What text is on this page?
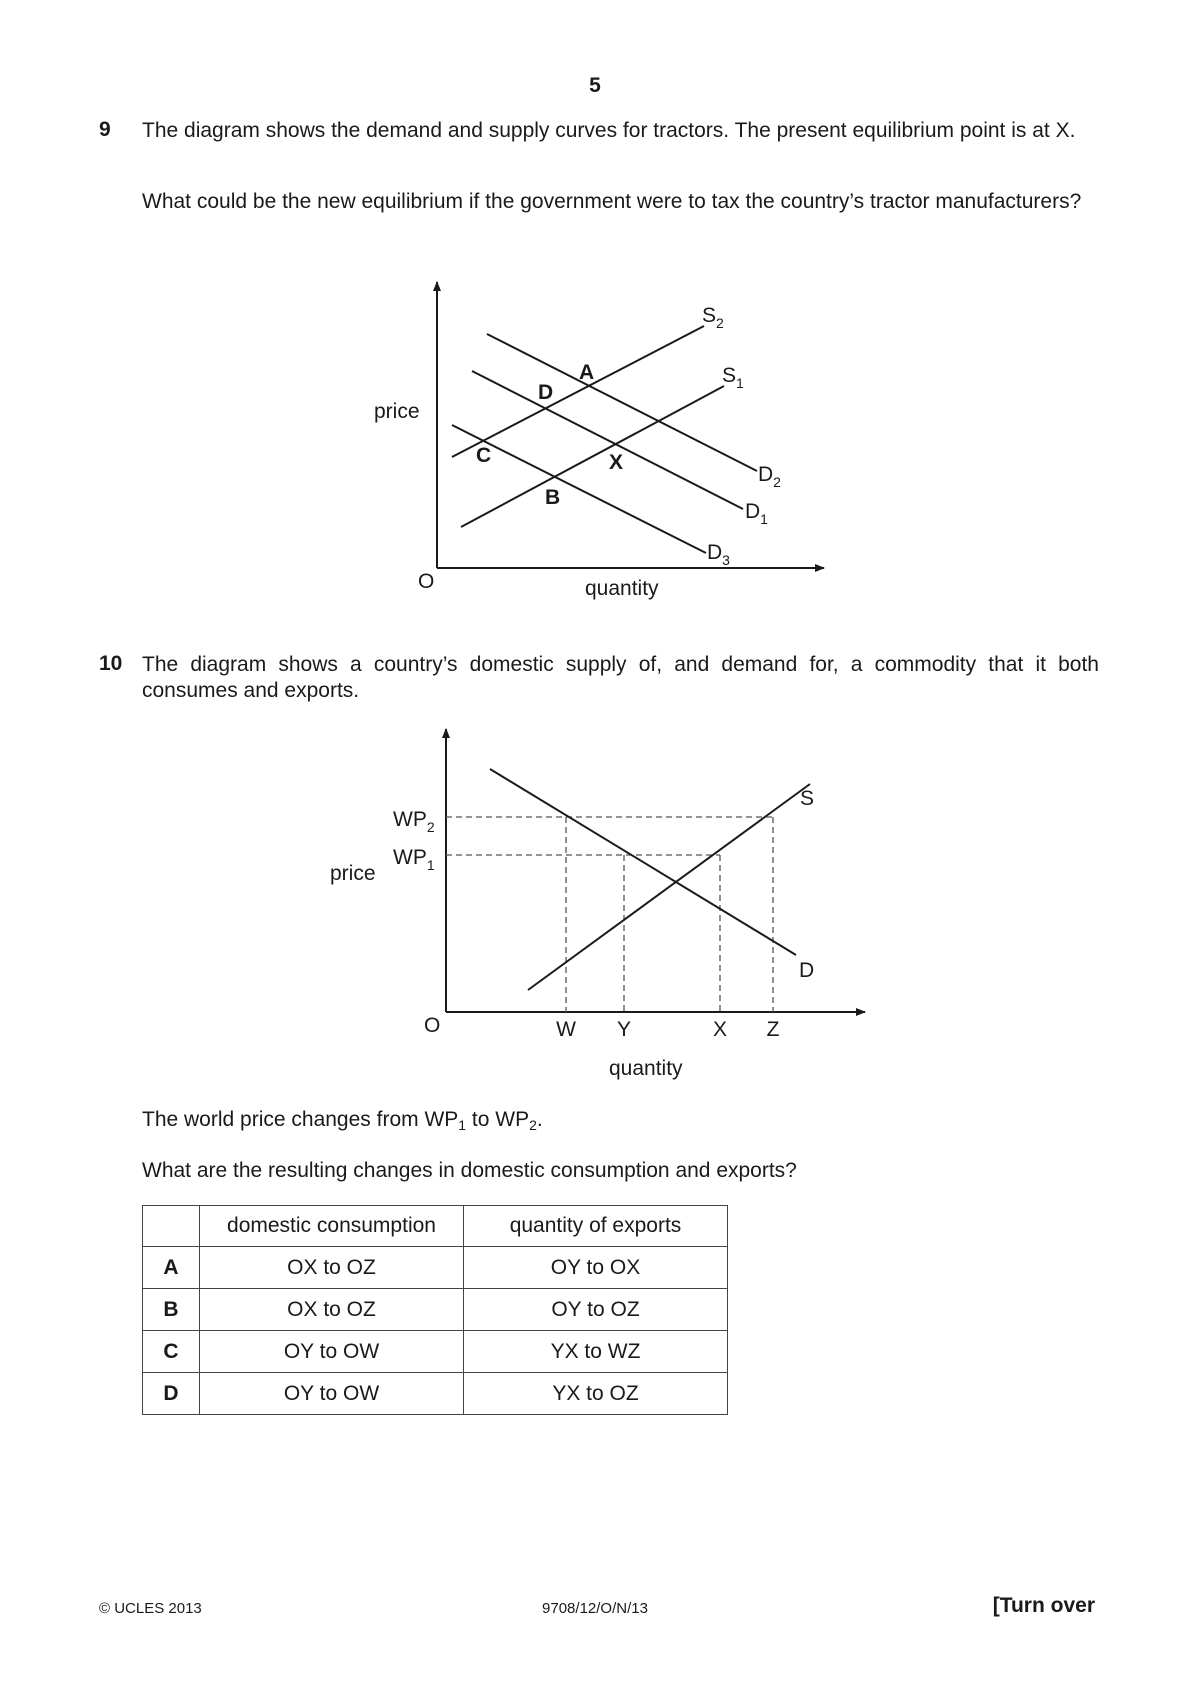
5
9 The diagram shows the demand and supply curves for tractors. The present equilibrium point is at X.
What could be the new equilibrium if the government were to tax the country’s tractor manufacturers?
price
quantity
O
$S_2$
$S_1$
$D_2$
$D_1$
$D_3$
A
D
C	X
B
10 The diagram shows a country’s domestic supply of, and demand for, a commodity that it both consumes and exports.
price
quantity
O
$WP_2$
$WP_1$
S
D
W Y	X Z
The world price changes from $WP_1$ to $WP_2$.
What are the resulting changes in domestic consumption and exports?
	domestic consumption	quantity of exports
A	OX to OZ	OY to OX
B	OX to OZ	OY to OZ
C	OY to OW	YX to WZ
D	OY to OW	YX to OZ
© UCLES 2013	9708/12/O/N/13	[Turn over
